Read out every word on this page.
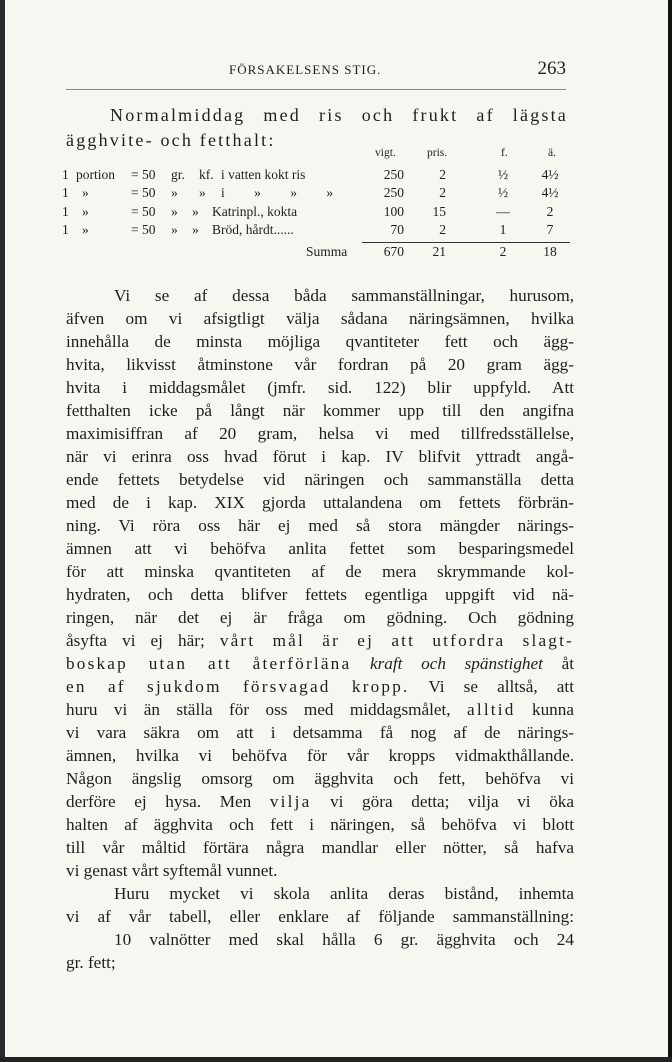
FÖRSAKELSENS STIG.	263
Normalmiddag med ris och frukt af lägsta
ägghvite- och fetthalt:
vigt.	pris.	f.	ä.
1 portion = 50 gr. kf. i vatten kokt ris	250	2	½	4½
1 »	= 50 » » i » » »	250	2	½	4½
1 »	= 50 » » Katrinpl., kokta	100	15	—	2
1 »	= 50 » » Bröd, hårdt......	70	2	1	7
Summa	670	21	2	18
Vi se af dessa båda sammanställningar, hurusom,
äfven om vi afsigtligt välja sådana näringsämnen, hvilka
innehålla de minsta möjliga qvantiteter fett och ägg-
hvita, likvisst åtminstone vår fordran på 20 gram ägg-
hvita i middagsmålet (jmfr. sid. 122) blir uppfyld. Att
fetthalten icke på långt när kommer upp till den angifna
maximisiffran af 20 gram, helsa vi med tillfredsställelse,
när vi erinra oss hvad förut i kap. IV blifvit yttradt angå-
ende fettets betydelse vid näringen och sammanställa detta
med de i kap. XIX gjorda uttalandena om fettets förbrän-
ning. Vi röra oss här ej med så stora mängder närings-
ämnen att vi behöfva anlita fettet som besparingsmedel
för att minska qvantiteten af de mera skrymmande kol-
hydraten, och detta blifver fettets egentliga uppgift vid nä-
ringen, när det ej är fråga om gödning. Och gödning
åsyfta vi ej här; vårt mål är ej att utfordra slagt-
boskap utan att återförläna kraft och spänstighet åt
en af sjukdom försvagad kropp. Vi se alltså, att
huru vi än ställa för oss med middagsmålet, alltid kunna
vi vara säkra om att i detsamma få nog af de närings-
ämnen, hvilka vi behöfva för vår kropps vidmakthållande.
Någon ängslig omsorg om ägghvita och fett, behöfva vi
derföre ej hysa. Men vilja vi göra detta; vilja vi öka
halten af ägghvita och fett i näringen, så behöfva vi blott
till vår måltid förtära några mandlar eller nötter, så hafva
vi genast vårt syftemål vunnet.
Huru mycket vi skola anlita deras bistånd, inhemta
vi af vår tabell, eller enklare af följande sammanställning:
10 valnötter med skal hålla 6 gr. ägghvita och 24
gr. fett;
